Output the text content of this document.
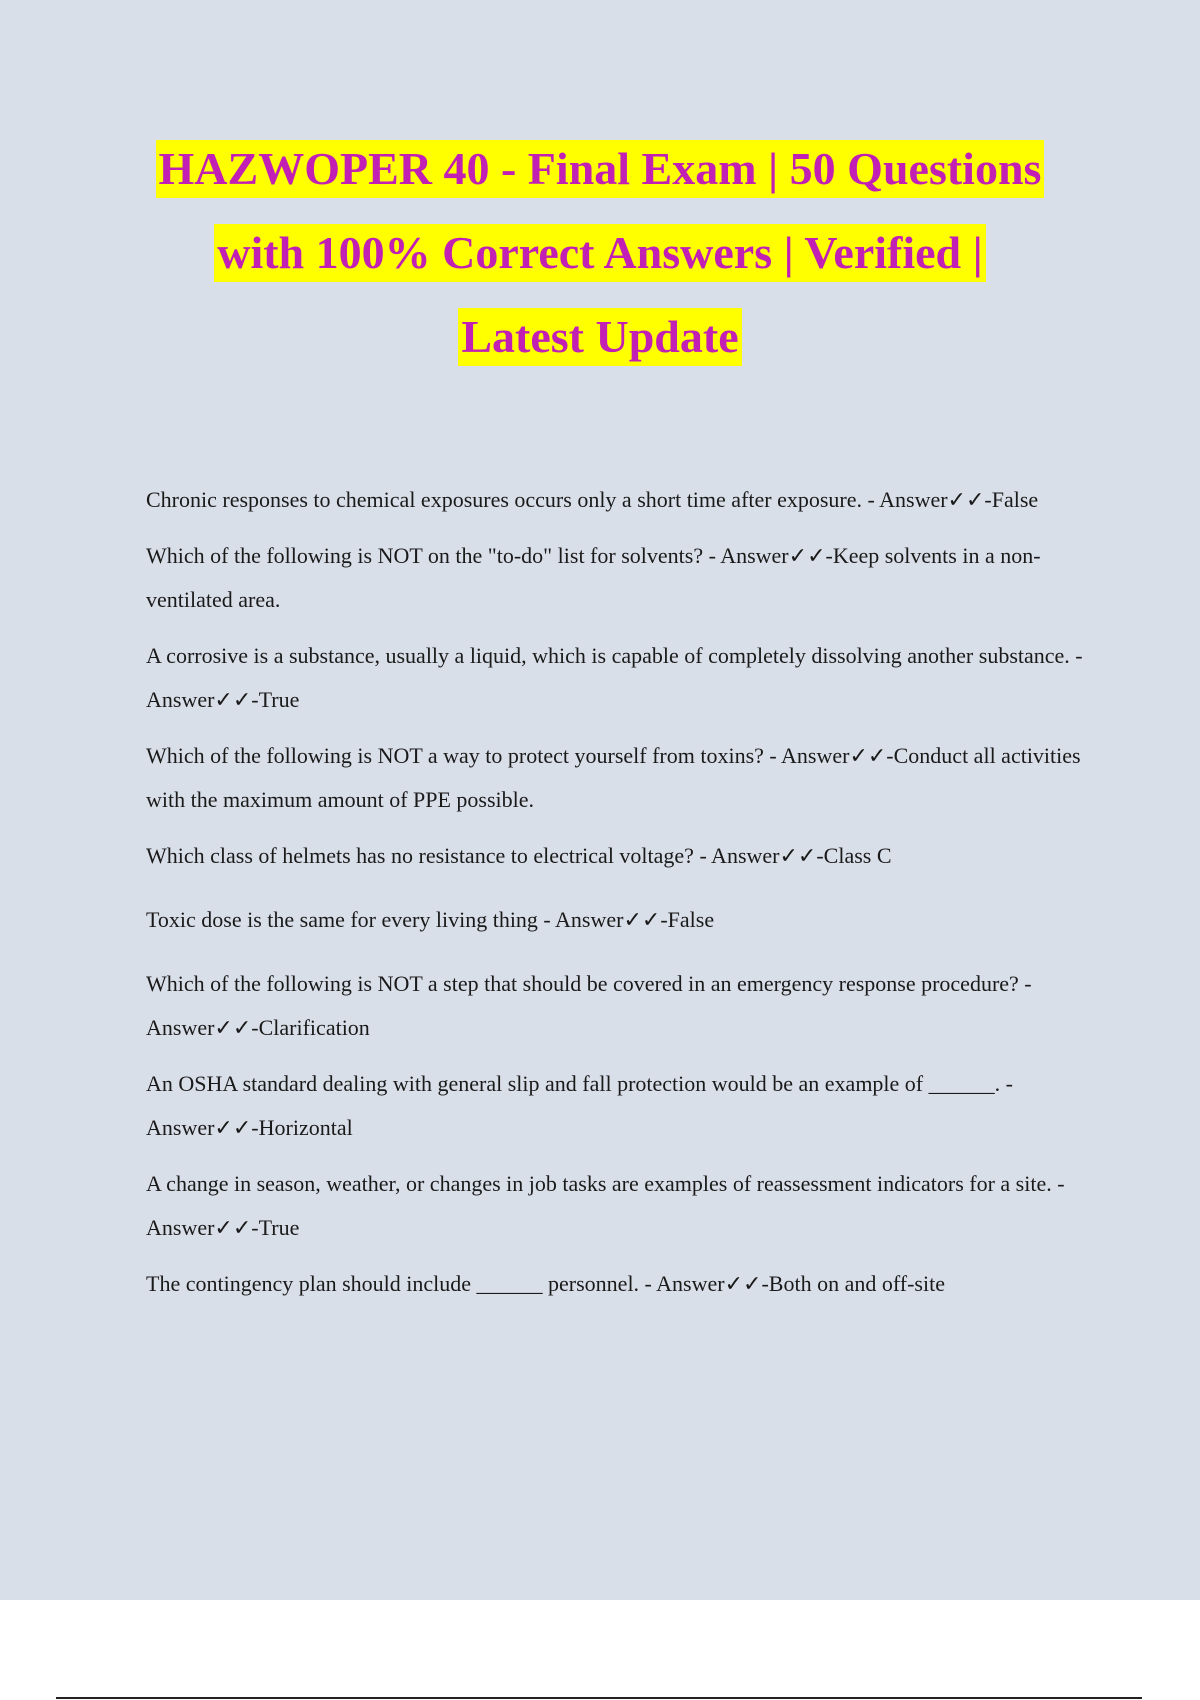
HAZWOPER 40 - Final Exam | 50 Questions
with 100% Correct Answers | Verified |
Latest Update
Chronic responses to chemical exposures occurs only a short time after exposure. - Answer✓✓-False
Which of the following is NOT on the "to-do" list for solvents? - Answer✓✓-Keep solvents in a non-ventilated area.
A corrosive is a substance, usually a liquid, which is capable of completely dissolving another substance. - Answer✓✓-True
Which of the following is NOT a way to protect yourself from toxins? - Answer✓✓-Conduct all activities with the maximum amount of PPE possible.
Which class of helmets has no resistance to electrical voltage? - Answer✓✓-Class C
Toxic dose is the same for every living thing - Answer✓✓-False
Which of the following is NOT a step that should be covered in an emergency response procedure? - Answer✓✓-Clarification
An OSHA standard dealing with general slip and fall protection would be an example of ______. - Answer✓✓-Horizontal
A change in season, weather, or changes in job tasks are examples of reassessment indicators for a site. - Answer✓✓-True
The contingency plan should include ______ personnel. - Answer✓✓-Both on and off-site
